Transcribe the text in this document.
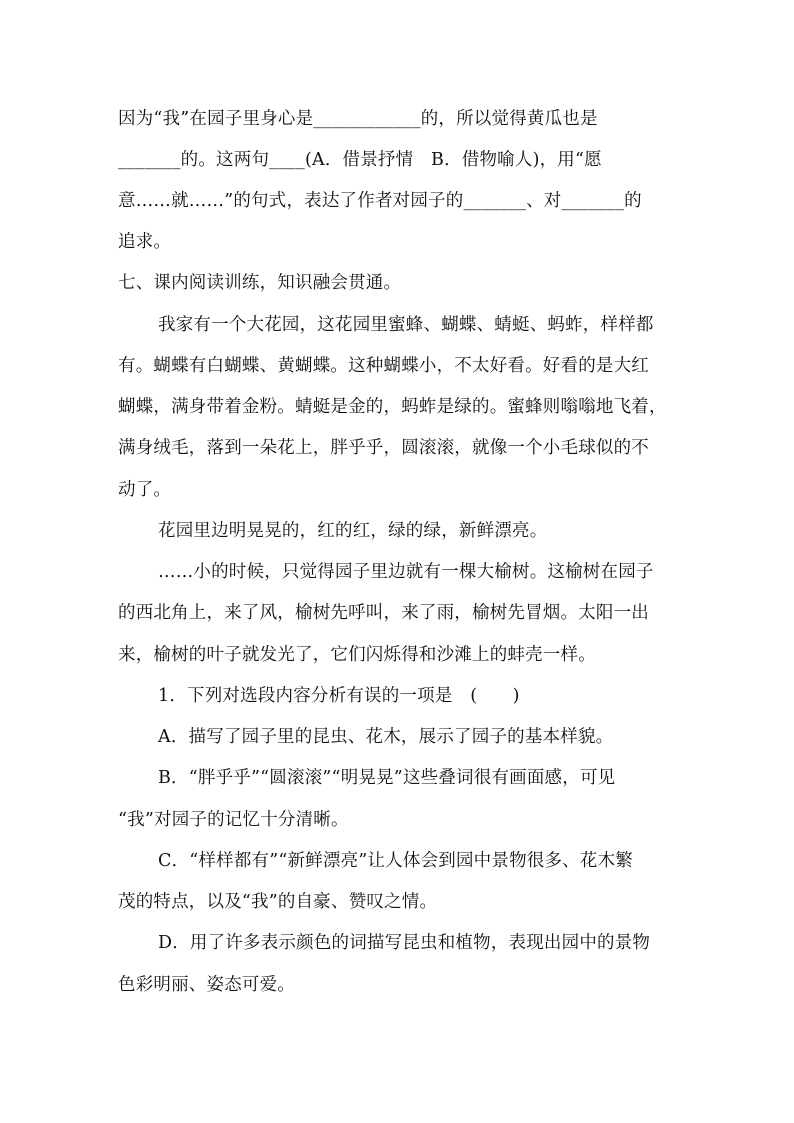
因为“我”在园子里身心是____________的，所以觉得黄瓜也是
_______的。这两句____(A．借景抒情　B．借物喻人)，用“愿
意……就……”的句式，表达了作者对园子的_______、对_______的
追求。
七、课内阅读训练，知识融会贯通。
我家有一个大花园，这花园里蜜蜂、蝴蝶、蜻蜓、蚂蚱，样样都
有。蝴蝶有白蝴蝶、黄蝴蝶。这种蝴蝶小，不太好看。好看的是大红
蝴蝶，满身带着金粉。蜻蜓是金的，蚂蚱是绿的。蜜蜂则嗡嗡地飞着，
满身绒毛，落到一朵花上，胖乎乎，圆滚滚，就像一个小毛球似的不
动了。
花园里边明晃晃的，红的红，绿的绿，新鲜漂亮。
……小的时候，只觉得园子里边就有一棵大榆树。这榆树在园子
的西北角上，来了风，榆树先呼叫，来了雨，榆树先冒烟。太阳一出
来，榆树的叶子就发光了，它们闪烁得和沙滩上的蚌壳一样。
1．下列对选段内容分析有误的一项是　(　　)
A．描写了园子里的昆虫、花木，展示了园子的基本样貌。
B．“胖乎乎”“圆滚滚”“明晃晃”这些叠词很有画面感，可见
“我”对园子的记忆十分清晰。
C．“样样都有”“新鲜漂亮”让人体会到园中景物很多、花木繁
茂的特点，以及“我”的自豪、赞叹之情。
D．用了许多表示颜色的词描写昆虫和植物，表现出园中的景物
色彩明丽、姿态可爱。
